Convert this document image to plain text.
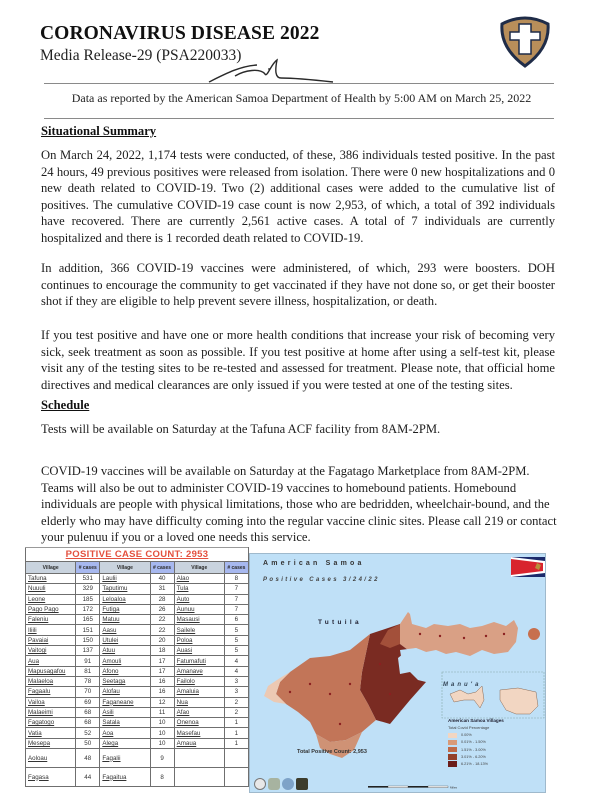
CORONAVIRUS DISEASE 2022
Media Release-29 (PSA220033)
Data as reported by the American Samoa Department of Health by 5:00 AM on March 25, 2022
Situational Summary

On March 24, 2022, 1,174 tests were conducted, of these, 386 individuals tested positive. In the past 24 hours, 49 previous positives were released from isolation. There were 0 new hospitalizations and 0 new death related to COVID-19. Two (2) additional cases were added to the cumulative list of positives. The cumulative COVID-19 case count is now 2,953, of which, a total of 392 individuals have recovered. There are currently 2,561 active cases. A total of 7 individuals are currently hospitalized and there is 1 recorded death related to COVID-19.

In addition, 366 COVID-19 vaccines were administered, of which, 293 were boosters. DOH continues to encourage the community to get vaccinated if they have not done so, or get their booster shot if they are eligible to help prevent severe illness, hospitalization, or death.

If you test positive and have one or more health conditions that increase your risk of becoming very sick, seek treatment as soon as possible. If you test positive at home after using a self-test kit, please visit any of the testing sites to be re-tested and assessed for treatment. Please note, that official home directives and medical clearances are only issued if you were tested at one of the testing sites.

Schedule

Tests will be available on Saturday at the Tafuna ACF facility from 8AM-2PM.

COVID-19 vaccines will be available on Saturday at the Fagatago Marketplace from 8AM-2PM. Teams will also be out to administer COVID-19 vaccines to homebound patients. Homebound individuals are people with physical limitations, those who are bedridden, wheelchair-bound, and the elderly who may have difficulty coming into the regular vaccine clinic sites. Please call 219 or contact your pulenuu if you or a loved one needs this service.

POSITIVE CASE COUNT: 2953					
Village	# cases	Village	# cases	Village	# cases
Tafuna	531	Laulii	40	Alao	8
Nuuuli	329	Taputimu	31	Tula	7
Leone	185	Leloaloa	28	Auto	7
Pago Pago	172	Futiga	26	Aunuu	7
Faleniu	165	Matuu	22	Masausi	6
Iliili	151	Aasu	22	Sailele	5
Pavaiai	150	Utulei	20	Poloa	5
Vaitogi	137	Atuu	18	Auasi	5
Aua	91	Amouli	17	Fatumafuti	4
Mapusagafou	81	Afono	17	Amanave	4
Malaeloa	78	Seetaga	16	Failolo	3
Fagaalu	70	Alofau	16	Amaluia	3
Vailoa	69	Faganeane	12	Nua	2
Malaeimi	68	Asili	11	Afao	2
Fagatogo	68	Satala	10	Onenoa	1
Vatia	52	Aoa	10	Masefau	1
Mesepa	50	Alega	10	Amaua	1
Aoloau	48	Fagalii	9		
Fagasa	44	Fagaitua	8		
American Samoa
Positive Cases 3/24/22
Tutuila
Manu'a
Total Positive Count: 2,953
American Samoa Villages
Total Covid Percentage
0.00%
0.01% - 1.50%
1.51% - 3.00%
3.01% - 6.20%
6.21% - 18.13%
Miles
